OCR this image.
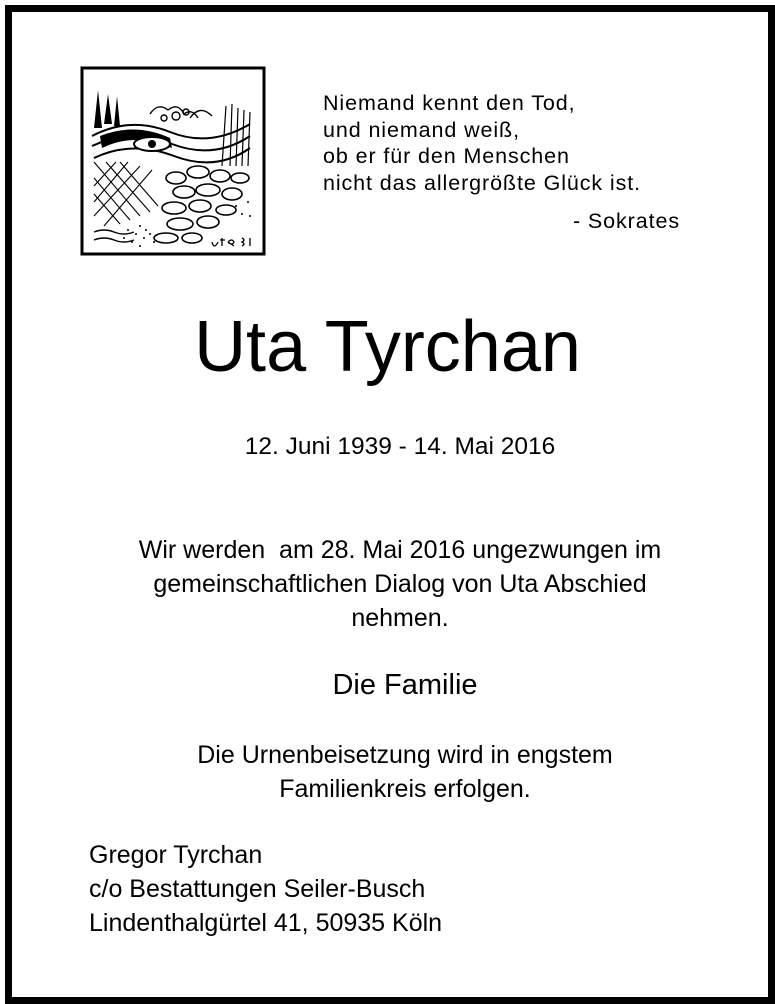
Niemand kennt den Tod,
und niemand weiß,
ob er für den Menschen
nicht das allergrößte Glück ist.
- Sokrates
Uta Tyrchan
12. Juni 1939 - 14. Mai 2016
Wir werden  am 28. Mai 2016 ungezwungen im
gemeinschaftlichen Dialog von Uta Abschied
nehmen.
Die Familie
Die Urnenbeisetzung wird in engstem
Familienkreis erfolgen.
Gregor Tyrchan
c/o Bestattungen Seiler-Busch
Lindenthalgürtel 41, 50935 Köln
